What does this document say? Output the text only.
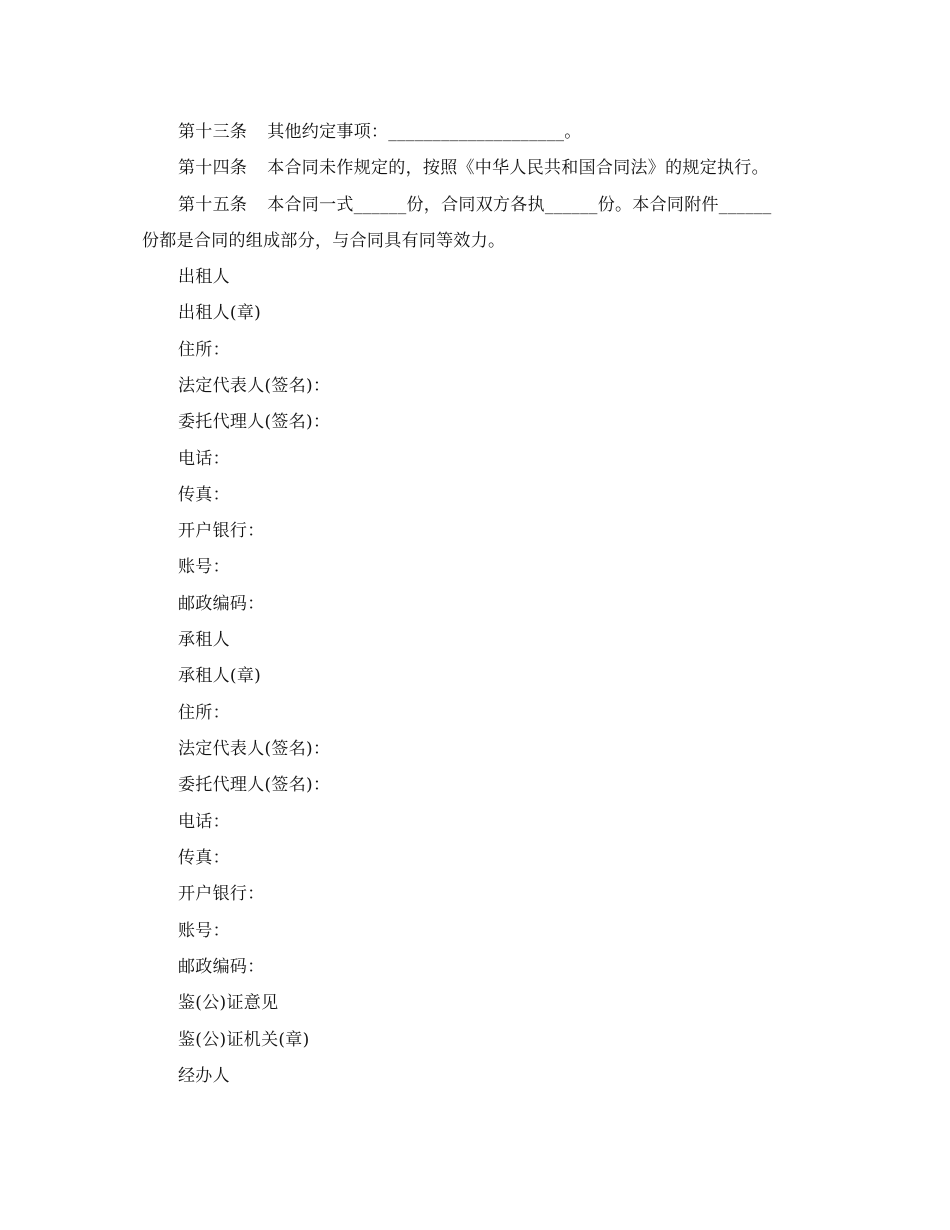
第十三条 其他约定事项：____________________。
第十四条 本合同未作规定的，按照《中华人民共和国合同法》的规定执行。
第十五条 本合同一式______份，合同双方各执______份。本合同附件______
份都是合同的组成部分，与合同具有同等效力。
出租人
出租人(章)
住所：
法定代表人(签名)：
委托代理人(签名)：
电话：
传真：
开户银行：
账号：
邮政编码：
承租人
承租人(章)
住所：
法定代表人(签名)：
委托代理人(签名)：
电话：
传真：
开户银行：
账号：
邮政编码：
鉴(公)证意见
鉴(公)证机关(章)
经办人
